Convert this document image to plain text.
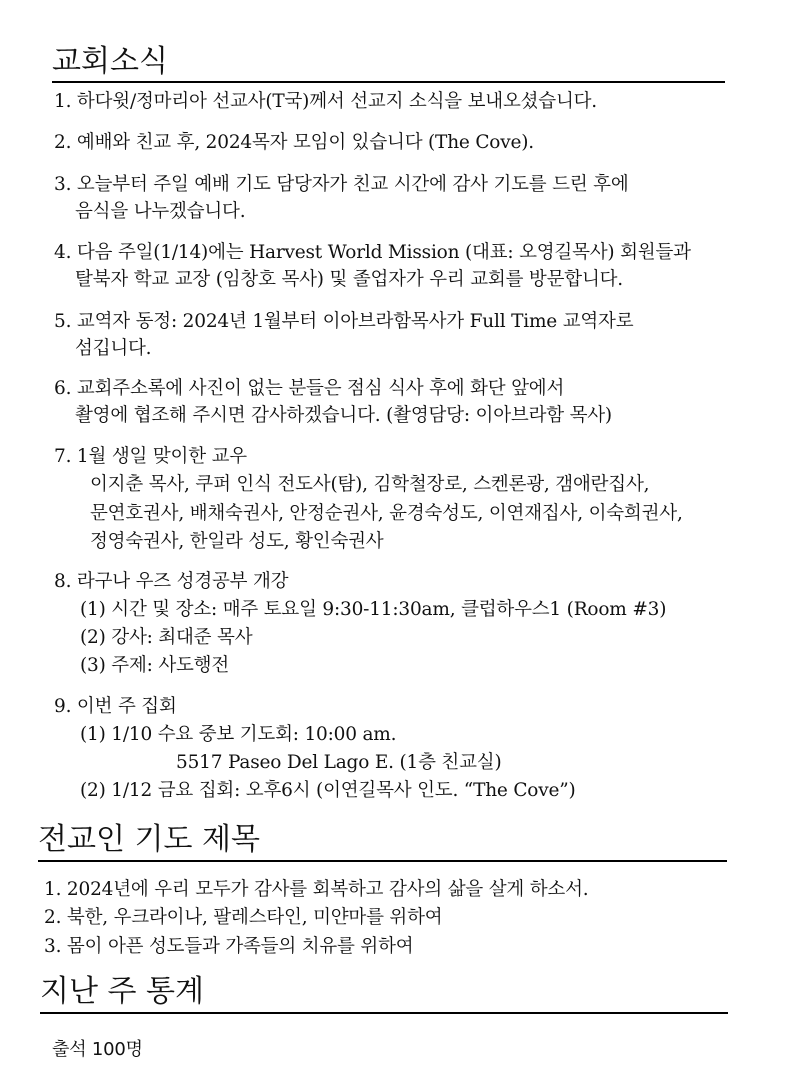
교회소식
1. 하다윗/정마리아 선교사(T국)께서 선교지 소식을 보내오셨습니다.
2. 예배와 친교 후, 2024목자 모임이 있습니다 (The Cove).
3. 오늘부터 주일 예배 기도 담당자가 친교 시간에 감사 기도를 드린 후에
음식을 나누겠습니다.
4. 다음 주일(1/14)에는 Harvest World Mission (대표: 오영길목사) 회원들과
탈북자 학교 교장 (임창호 목사) 및 졸업자가 우리 교회를 방문합니다.
5. 교역자 동정: 2024년 1월부터 이아브라함목사가 Full Time 교역자로
섬깁니다.
6. 교회주소록에 사진이 없는 분들은 점심 식사 후에 화단 앞에서
촬영에 협조해 주시면 감사하겠습니다. (촬영담당: 이아브라함 목사)
7. 1월 생일 맞이한 교우
이지춘 목사, 쿠퍼 인식 전도사(탐), 김학철장로, 스켄론광, 갬애란집사,
문연호권사, 배채숙권사, 안정순권사, 윤경숙성도, 이연재집사, 이숙희권사,
정영숙권사, 한일라 성도, 황인숙권사
8. 라구나 우즈 성경공부 개강
(1) 시간 및 장소: 매주 토요일 9:30-11:30am, 클럽하우스1 (Room #3)
(2) 강사: 최대준 목사
(3) 주제: 사도행전
9. 이번 주 집회
(1) 1/10 수요 중보 기도회: 10:00 am.
5517 Paseo Del Lago E. (1층 친교실)
(2) 1/12 금요 집회: 오후6시 (이연길목사 인도. “The Cove”)
전교인 기도 제목
1. 2024년에 우리 모두가 감사를 회복하고 감사의 삶을 살게 하소서.
2. 북한, 우크라이나, 팔레스타인, 미얀마를 위하여
3. 몸이 아픈 성도들과 가족들의 치유를 위하여
지난 주 통계
출석 100명
